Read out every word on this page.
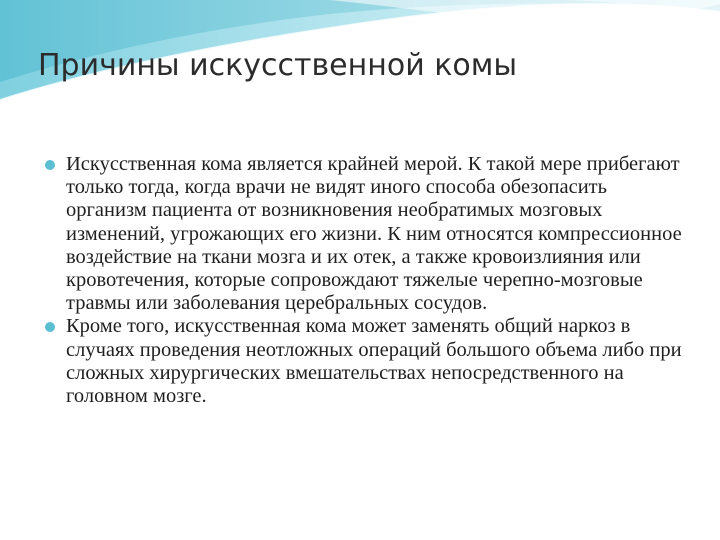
Причины искусственной комы
Искусственная кома является крайней мерой. К такой мере прибегают только тогда, когда врачи не видят иного способа обезопасить организм пациента от возникновения необратимых мозговых изменений, угрожающих его жизни. К ним относятся компрессионное воздействие на ткани мозга и их отек, а также кровоизлияния или кровотечения, которые сопровождают тяжелые черепно-мозговые травмы или заболевания церебральных сосудов.
Кроме того, искусственная кома может заменять общий наркоз в случаях проведения неотложных операций большого объема либо при сложных хирургических вмешательствах непосредственного на головном мозге.
